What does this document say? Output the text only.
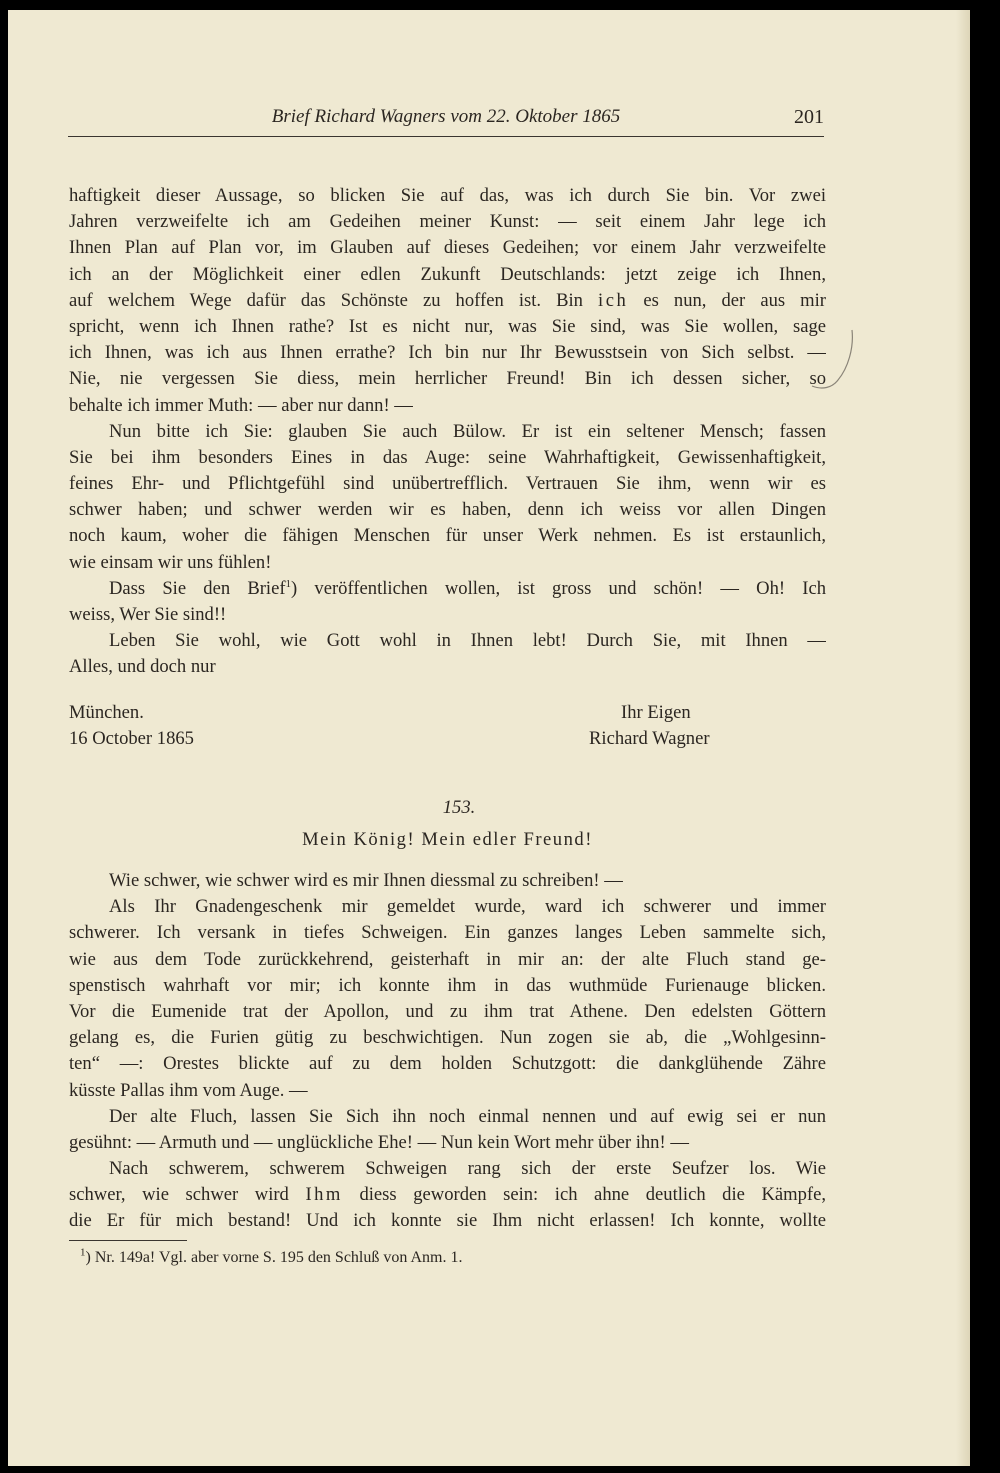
Brief Richard Wagners vom 22. Oktober 1865	201
haftigkeit dieser Aussage, so blicken Sie auf das, was ich durch Sie bin. Vor zwei
Jahren verzweifelte ich am Gedeihen meiner Kunst: — seit einem Jahr lege ich
Ihnen Plan auf Plan vor, im Glauben auf dieses Gedeihen; vor einem Jahr verzweifelte
ich an der Möglichkeit einer edlen Zukunft Deutschlands: jetzt zeige ich Ihnen,
auf welchem Wege dafür das Schönste zu hoffen ist. Bin ich es nun, der aus mir
spricht, wenn ich Ihnen rathe? Ist es nicht nur, was Sie sind, was Sie wollen, sage
ich Ihnen, was ich aus Ihnen errathe? Ich bin nur Ihr Bewusstsein von Sich selbst. —
Nie, nie vergessen Sie diess, mein herrlicher Freund! Bin ich dessen sicher, so
behalte ich immer Muth: — aber nur dann! —
Nun bitte ich Sie: glauben Sie auch Bülow. Er ist ein seltener Mensch; fassen
Sie bei ihm besonders Eines in das Auge: seine Wahrhaftigkeit, Gewissenhaftigkeit,
feines Ehr- und Pflichtgefühl sind unübertrefflich. Vertrauen Sie ihm, wenn wir es
schwer haben; und schwer werden wir es haben, denn ich weiss vor allen Dingen
noch kaum, woher die fähigen Menschen für unser Werk nehmen. Es ist erstaunlich,
wie einsam wir uns fühlen!
Dass Sie den Brief$^1$) veröffentlichen wollen, ist gross und schön! — Oh! Ich
weiss, Wer Sie sind!!
Leben Sie wohl, wie Gott wohl in Ihnen lebt! Durch Sie, mit Ihnen —
Alles, und doch nur
München.
16 October 1865
Ihr Eigen
Richard Wagner
153.
Mein König! Mein edler Freund!
Wie schwer, wie schwer wird es mir Ihnen diessmal zu schreiben! —
Als Ihr Gnadengeschenk mir gemeldet wurde, ward ich schwerer und immer
schwerer. Ich versank in tiefes Schweigen. Ein ganzes langes Leben sammelte sich,
wie aus dem Tode zurückkehrend, geisterhaft in mir an: der alte Fluch stand ge-
spenstisch wahrhaft vor mir; ich konnte ihm in das wuthmüde Furienauge blicken.
Vor die Eumenide trat der Apollon, und zu ihm trat Athene. Den edelsten Göttern
gelang es, die Furien gütig zu beschwichtigen. Nun zogen sie ab, die „Wohlgesinn-
ten“ —: Orestes blickte auf zu dem holden Schutzgott: die dankglühende Zähre
küsste Pallas ihm vom Auge. —
Der alte Fluch, lassen Sie Sich ihn noch einmal nennen und auf ewig sei er nun
gesühnt: — Armuth und — unglückliche Ehe! — Nun kein Wort mehr über ihn! —
Nach schwerem, schwerem Schweigen rang sich der erste Seufzer los. Wie
schwer, wie schwer wird Ihm diess geworden sein: ich ahne deutlich die Kämpfe,
die Er für mich bestand! Und ich konnte sie Ihm nicht erlassen! Ich konnte, wollte
$^1$) Nr. 149a! Vgl. aber vorne S. 195 den Schluß von Anm. 1.
